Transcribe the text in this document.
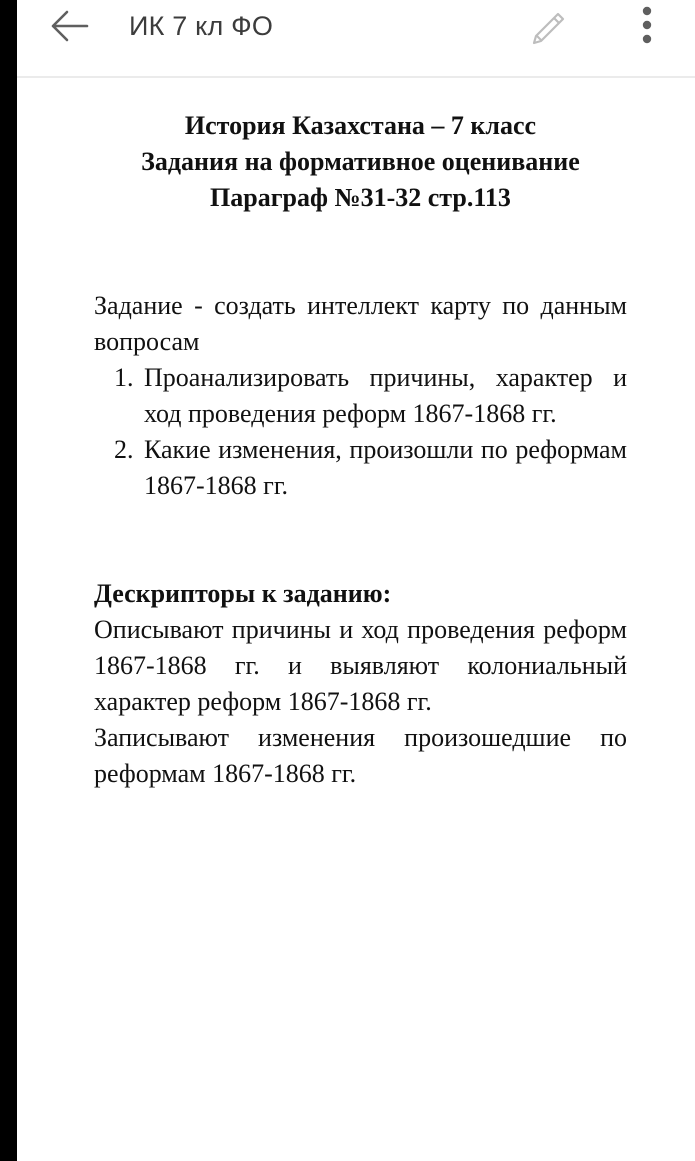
ИК 7 кл ФО
История Казахстана – 7 класс
Задания на формативное оценивание
Параграф №31-32 стр.113
Задание - создать интеллект карту по данным вопросам
1. Проанализировать причины, характер и ход проведения реформ 1867-1868 гг.
2. Какие изменения, произошли по реформам 1867-1868 гг.
Дескрипторы к заданию:

Описывают причины и ход проведения реформ 1867-1868 гг. и выявляют колониальный характер реформ 1867-1868 гг.

Записывают изменения произошедшие по реформам 1867-1868 гг.
